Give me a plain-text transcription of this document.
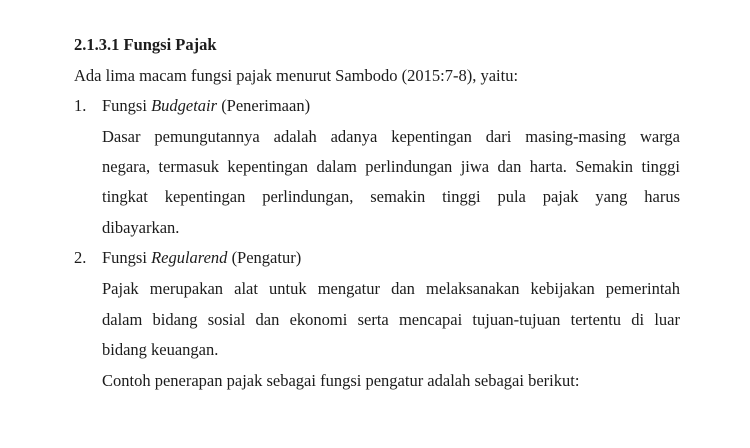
2.1.3.1 Fungsi Pajak
Ada lima macam fungsi pajak menurut Sambodo (2015:7-8), yaitu:
1. Fungsi Budgetair (Penerimaan)
Dasar pemungutannya adalah adanya kepentingan dari masing-masing warga
negara, termasuk kepentingan dalam perlindungan jiwa dan harta. Semakin tinggi
tingkat kepentingan perlindungan, semakin tinggi pula pajak yang harus
dibayarkan.
2. Fungsi Regularend (Pengatur)
Pajak merupakan alat untuk mengatur dan melaksanakan kebijakan pemerintah
dalam bidang sosial dan ekonomi serta mencapai tujuan-tujuan tertentu di luar
bidang keuangan.
Contoh penerapan pajak sebagai fungsi pengatur adalah sebagai berikut:
